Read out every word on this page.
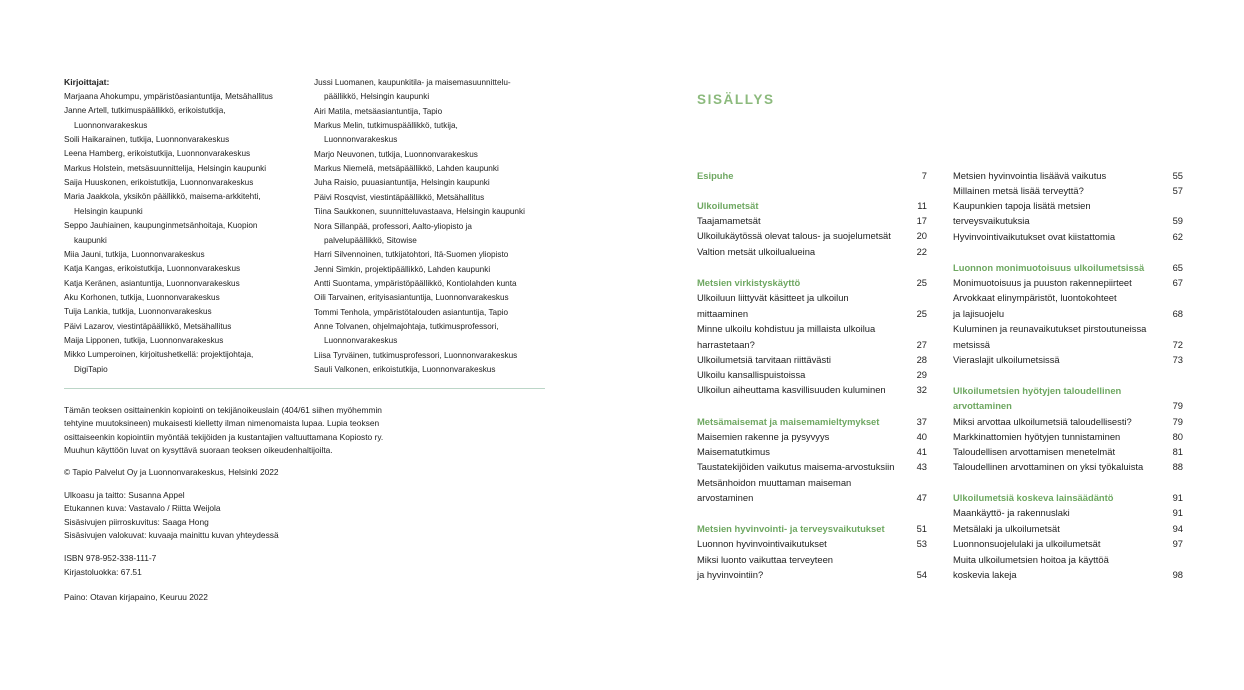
Kirjoittajat:
Marjaana Ahokumpu, ympäristöasiantuntija, Metsähallitus
Janne Artell, tutkimuspäällikkö, erikoistutkija,
Luonnonvarakeskus
Soili Haikarainen, tutkija, Luonnonvarakeskus
Leena Hamberg, erikoistutkija, Luonnonvarakeskus
Markus Holstein, metsäsuunnittelija, Helsingin kaupunki
Saija Huuskonen, erikoistutkija, Luonnonvarakeskus
Maria Jaakkola, yksikön päällikkö, maisema-arkkitehti,
Helsingin kaupunki
Seppo Jauhiainen, kaupunginmetsänhoitaja, Kuopion
kaupunki
Miia Jauni, tutkija, Luonnonvarakeskus
Katja Kangas, erikoistutkija, Luonnonvarakeskus
Katja Keränen, asiantuntija, Luonnonvarakeskus
Aku Korhonen, tutkija, Luonnonvarakeskus
Tuija Lankia, tutkija, Luonnonvarakeskus
Päivi Lazarov, viestintäpäällikkö, Metsähallitus
Maija Lipponen, tutkija, Luonnonvarakeskus
Mikko Lumperoinen, kirjoitushetkellä: projektijohtaja,
DigiTapio
Jussi Luomanen, kaupunkitila- ja maisemasuunnittelu-
päällikkö, Helsingin kaupunki
Airi Matila, metsäasiantuntija, Tapio
Markus Melin, tutkimuspäällikkö, tutkija,
Luonnonvarakeskus
Marjo Neuvonen, tutkija, Luonnonvarakeskus
Markus Niemelä, metsäpäällikkö, Lahden kaupunki
Juha Raisio, puuasiantuntija, Helsingin kaupunki
Päivi Rosqvist, viestintäpäällikkö, Metsähallitus
Tiina Saukkonen, suunnitteluvastaava, Helsingin kaupunki
Nora Sillanpää, professori, Aalto-yliopisto ja
palvelupäällikkö, Sitowise
Harri Silvennoinen, tutkijatohtori, Itä-Suomen yliopisto
Jenni Simkin, projektipäällikkö, Lahden kaupunki
Antti Suontama, ympäristöpäällikkö, Kontiolahden kunta
Oili Tarvainen, erityisasiantuntija, Luonnonvarakeskus
Tommi Tenhola, ympäristötalouden asiantuntija, Tapio
Anne Tolvanen, ohjelmajohtaja, tutkimusprofessori,
Luonnonvarakeskus
Liisa Tyrväinen, tutkimusprofessori, Luonnonvarakeskus
Sauli Valkonen, erikoistutkija, Luonnonvarakeskus
Tämän teoksen osittainenkin kopiointi on tekijänoikeuslain (404/61 siihen myöhemmin
tehtyine muutoksineen) mukaisesti kielletty ilman nimenomaista lupaa. Lupia teoksen
osittaiseenkin kopiointiin myöntää tekijöiden ja kustantajien valtuuttamana Kopiosto ry.
Muuhun käyttöön luvat on kysyttävä suoraan teoksen oikeudenhaltijoilta.
© Tapio Palvelut Oy ja Luonnonvarakeskus, Helsinki 2022
Ulkoasu ja taitto: Susanna Appel
Etukannen kuva: Vastavalo / Riitta Weijola
Sisäsivujen piirroskuvitus: Saaga Hong
Sisäsivujen valokuvat: kuvaaja mainittu kuvan yhteydessä
ISBN 978-952-338-111-7
Kirjastoluokka: 67.51
Paino: Otavan kirjapaino, Keuruu 2022
SISÄLLYS
Esipuhe	7
Ulkoilumetsät	11
Taajamametsät	17
Ulkoilukäytössä olevat talous- ja suojelumetsät	20
Valtion metsät ulkoilualueina	22
Metsien virkistyskäyttö	25
Ulkoiluun liittyvät käsitteet ja ulkoilun
mittaaminen	25
Minne ulkoilu kohdistuu ja millaista ulkoilua
harrastetaan?	27
Ulkoilumetsiä tarvitaan riittävästi	28
Ulkoilu kansallispuistoissa	29
Ulkoilun aiheuttama kasvillisuuden kuluminen	32
Metsämaisemat ja maisemamieltymykset	37
Maisemien rakenne ja pysyvyys	40
Maisematutkimus	41
Taustatekijöiden vaikutus maisema-arvostuksiin	43
Metsänhoidon muuttaman maiseman
arvostaminen	47
Metsien hyvinvointi- ja terveysvaikutukset	51
Luonnon hyvinvointivaikutukset	53
Miksi luonto vaikuttaa terveyteen
ja hyvinvointiin?	54
Metsien hyvinvointia lisäävä vaikutus	55
Millainen metsä lisää terveyttä?	57
Kaupunkien tapoja lisätä metsien
terveysvaikutuksia	59
Hyvinvointivaikutukset ovat kiistattomia	62
Luonnon monimuotoisuus ulkoilumetsissä	65
Monimuotoisuus ja puuston rakennepiirteet	67
Arvokkaat elinympäristöt, luontokohteet
ja lajisuojelu	68
Kuluminen ja reunavaikutukset pirstoutuneissa
metsissä	72
Vieraslajit ulkoilumetsissä	73
Ulkoilumetsien hyötyjen taloudellinen
arvottaminen	79
Miksi arvottaa ulkoilumetsiä taloudellisesti?	79
Markkinattomien hyötyjen tunnistaminen	80
Taloudellisen arvottamisen menetelmät	81
Taloudellinen arvottaminen on yksi työkaluista	88
Ulkoilumetsiä koskeva lainsäädäntö	91
Maankäyttö- ja rakennuslaki	91
Metsälaki ja ulkoilumetsät	94
Luonnonsuojelulaki ja ulkoilumetsät	97
Muita ulkoilumetsien hoitoa ja käyttöä
koskevia lakeja	98
